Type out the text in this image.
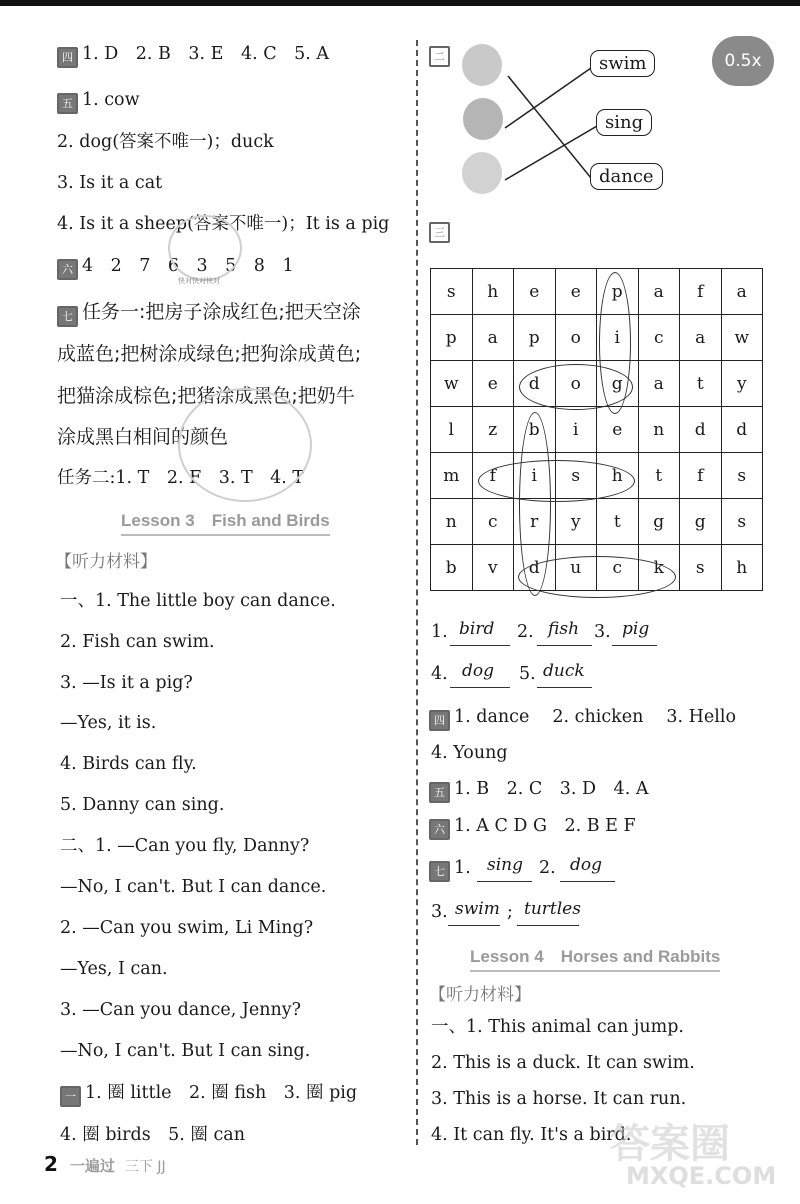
0.5x
四 1. D　2. B　3. E　4. C　5. A
五 1. cow
2. dog(答案不唯一)；duck
3. Is it a cat
4. Is it a sheep(答案不唯一)；It is a pig
六 4　2　7　6　3　5　8　1
七 任务一:把房子涂成红色;把天空涂
成蓝色;把树涂成绿色;把狗涂成黄色;
把猫涂成棕色;把猪涂成黑色;把奶牛
涂成黑白相间的颜色
任务二:1. T　2. F　3. T　4. T
快对快对快对
Lesson 3　Fish and Birds
【听力材料】
一、1. The little boy can dance.
2. Fish can swim.
3. —Is it a pig?
—Yes, it is.
4. Birds can fly.
5. Danny can sing.
二、1. —Can you fly, Danny?
—No, I can't. But I can dance.
2. —Can you swim, Li Ming?
—Yes, I can.
3. —Can you dance, Jenny?
—No, I can't. But I can sing.
一 1. 圈 little　2. 圈 fish　3. 圈 pig
4. 圈 birds　5. 圈 can
二	swim
sing
dance
三
s	h	e	e	p	a	f	a
p	a	p	o	i	c	a	w
w	e	d	o	g	a	t	y
l	z	b	i	e	n	d	d
m	f	i	s	h	t	f	s
n	c	r	y	t	g	g	s
b	v	d	u	c	k	s	h
1. bird 2. fish 3. pig
4. dog 5. duck
四 1. dance　 2. chicken　 3. Hello
4. Young
五 1. B　2. C　3. D　4. A
六 1. A C D G　2. B E F
七 1. sing 2. dog
3. swim ; turtles
Lesson 4　Horses and Rabbits
【听力材料】
一、1. This animal can jump.
2. This is a duck. It can swim.
3. This is a horse. It can run.
4. It can fly. It's a bird.
答案圈
MXQE.COM
2 一遍过 三下 JJ
